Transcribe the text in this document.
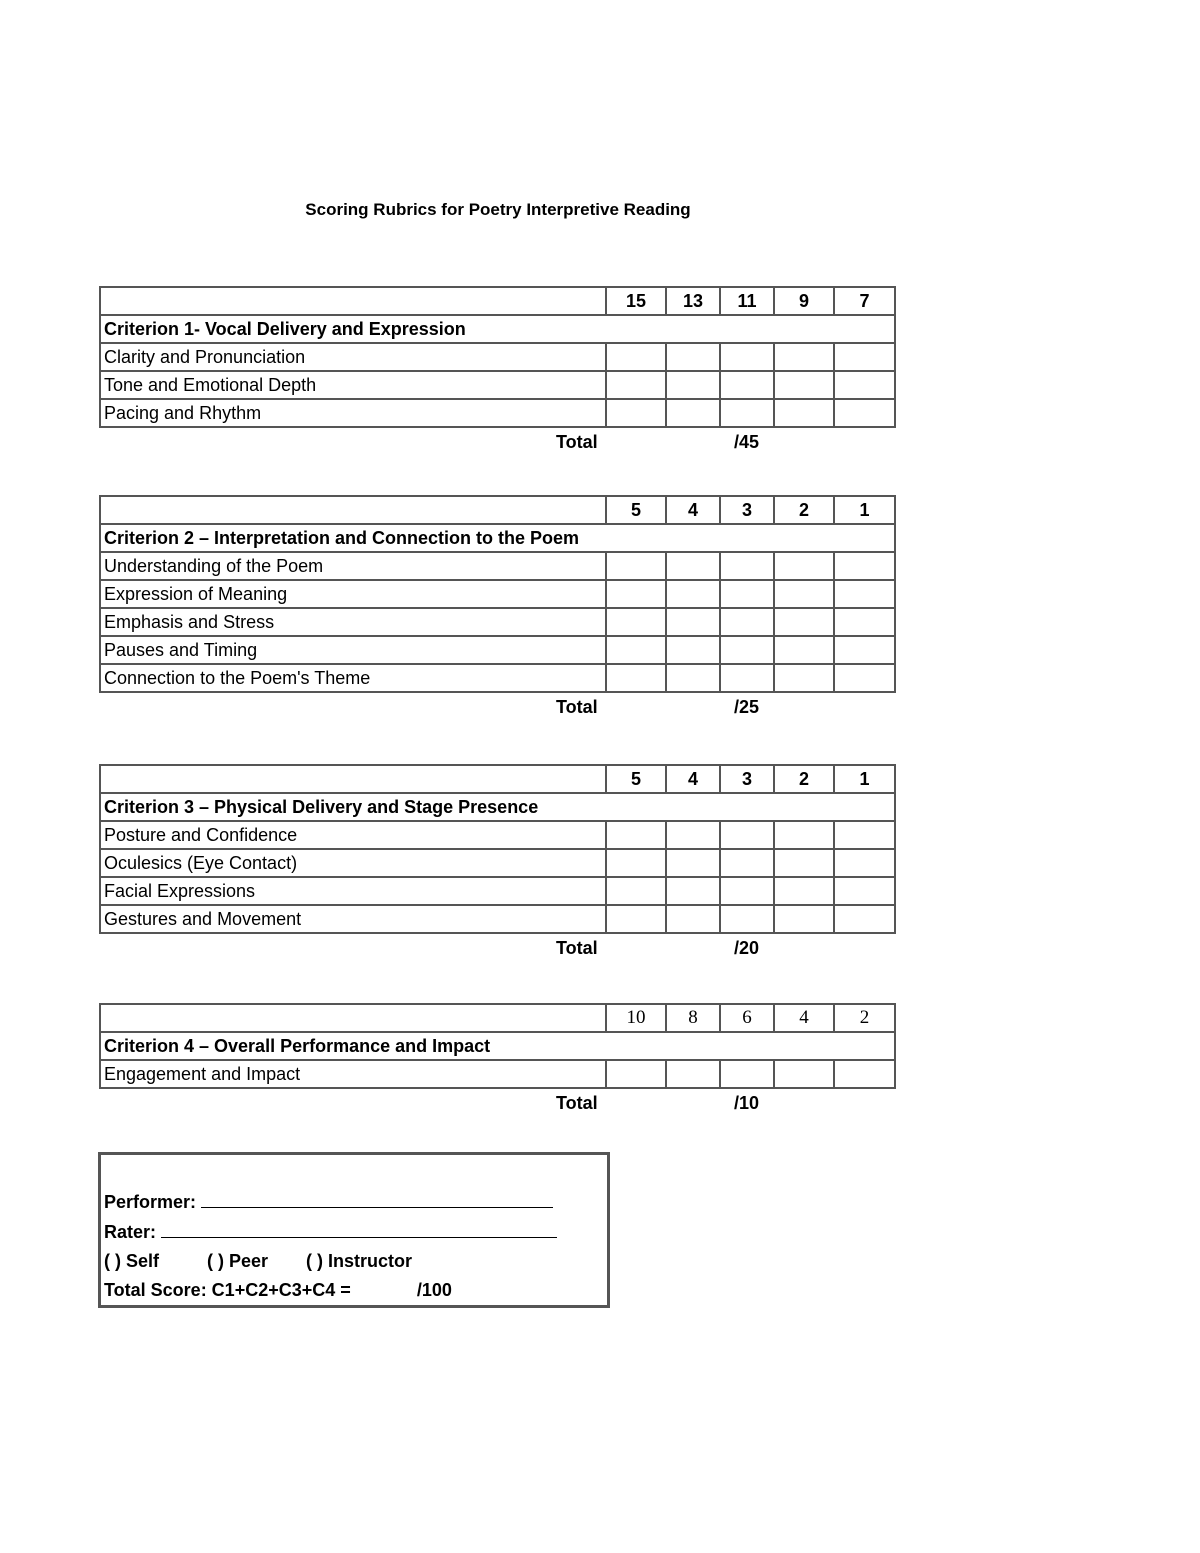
Scoring Rubrics for Poetry Interpretive Reading
	15	13	11	9	7
Criterion 1- Vocal Delivery and Expression					
Clarity and Pronunciation					
Tone and Emotional Depth					
Pacing and Rhythm					
Total	/45
	5	4	3	2	1
Criterion 2 – Interpretation and Connection to the Poem					
Understanding of the Poem					
Expression of Meaning					
Emphasis and Stress					
Pauses and Timing					
Connection to the Poem's Theme					
Total	/25
	5	4	3	2	1
Criterion 3 – Physical Delivery and Stage Presence					
Posture and Confidence					
Oculesics (Eye Contact)					
Facial Expressions					
Gestures and Movement					
Total	/20
	10	8	6	4	2
Criterion 4 – Overall Performance and Impact					
Engagement and Impact					
Total	/10
Performer:
Rater:
( ) Self	( ) Peer ( ) Instructor
Total Score: C1+C2+C3+C4 =	/100
